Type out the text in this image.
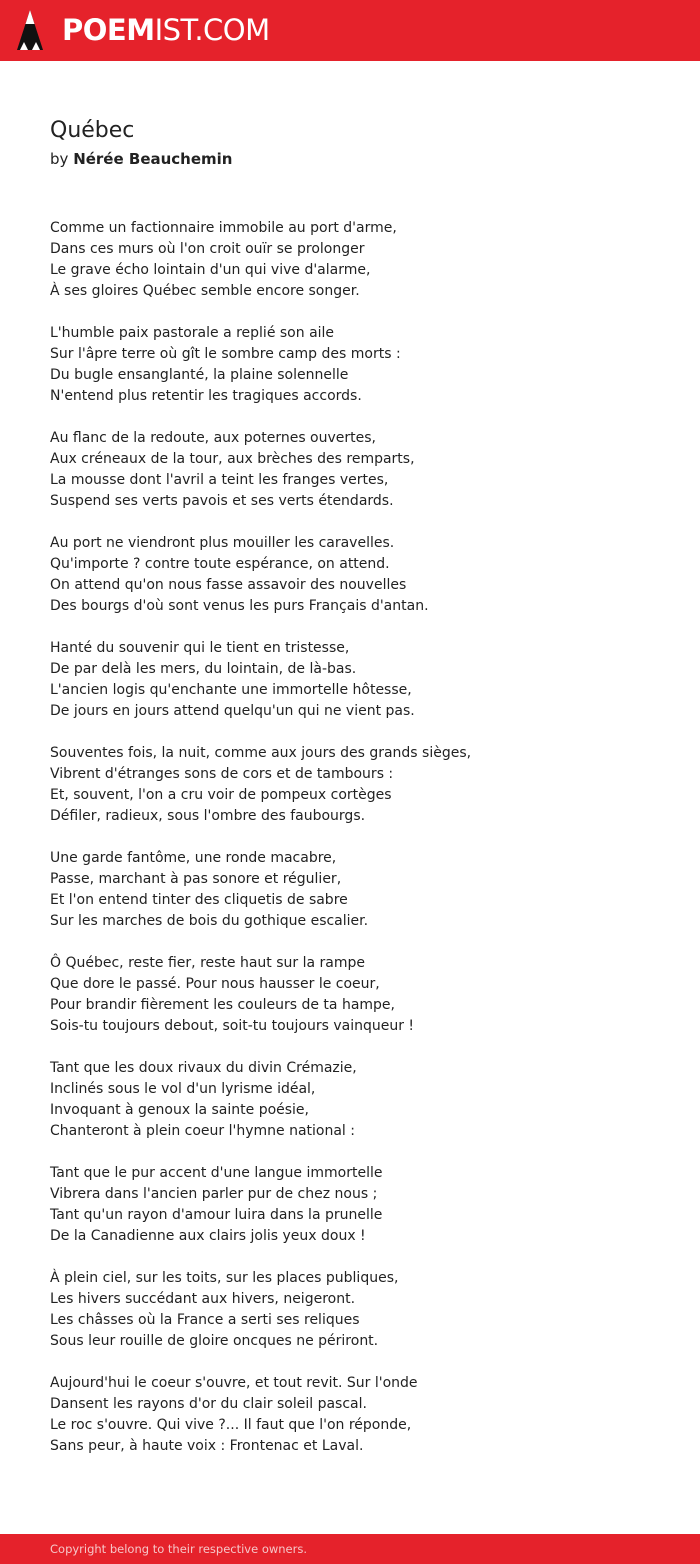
POEMIST.COM
Québec
by Nérée Beauchemin
Comme un factionnaire immobile au port d'arme,
Dans ces murs où l'on croit ouïr se prolonger
Le grave écho lointain d'un qui vive d'alarme,
À ses gloires Québec semble encore songer.
L'humble paix pastorale a replié son aile
Sur l'âpre terre où gît le sombre camp des morts :
Du bugle ensanglanté, la plaine solennelle
N'entend plus retentir les tragiques accords.
Au flanc de la redoute, aux poternes ouvertes,
Aux créneaux de la tour, aux brèches des remparts,
La mousse dont l'avril a teint les franges vertes,
Suspend ses verts pavois et ses verts étendards.
Au port ne viendront plus mouiller les caravelles.
Qu'importe ? contre toute espérance, on attend.
On attend qu'on nous fasse assavoir des nouvelles
Des bourgs d'où sont venus les purs Français d'antan.
Hanté du souvenir qui le tient en tristesse,
De par delà les mers, du lointain, de là-bas.
L'ancien logis qu'enchante une immortelle hôtesse,
De jours en jours attend quelqu'un qui ne vient pas.
Souventes fois, la nuit, comme aux jours des grands sièges,
Vibrent d'étranges sons de cors et de tambours :
Et, souvent, l'on a cru voir de pompeux cortèges
Défiler, radieux, sous l'ombre des faubourgs.
Une garde fantôme, une ronde macabre,
Passe, marchant à pas sonore et régulier,
Et l'on entend tinter des cliquetis de sabre
Sur les marches de bois du gothique escalier.
Ô Québec, reste fier, reste haut sur la rampe
Que dore le passé. Pour nous hausser le coeur,
Pour brandir fièrement les couleurs de ta hampe,
Sois-tu toujours debout, soit-tu toujours vainqueur !
Tant que les doux rivaux du divin Crémazie,
Inclinés sous le vol d'un lyrisme idéal,
Invoquant à genoux la sainte poésie,
Chanteront à plein coeur l'hymne national :
Tant que le pur accent d'une langue immortelle
Vibrera dans l'ancien parler pur de chez nous ;
Tant qu'un rayon d'amour luira dans la prunelle
De la Canadienne aux clairs jolis yeux doux !
À plein ciel, sur les toits, sur les places publiques,
Les hivers succédant aux hivers, neigeront.
Les châsses où la France a serti ses reliques
Sous leur rouille de gloire oncques ne périront.
Aujourd'hui le coeur s'ouvre, et tout revit. Sur l'onde
Dansent les rayons d'or du clair soleil pascal.
Le roc s'ouvre. Qui vive ?... Il faut que l'on réponde,
Sans peur, à haute voix : Frontenac et Laval.
Copyright belong to their respective owners.
